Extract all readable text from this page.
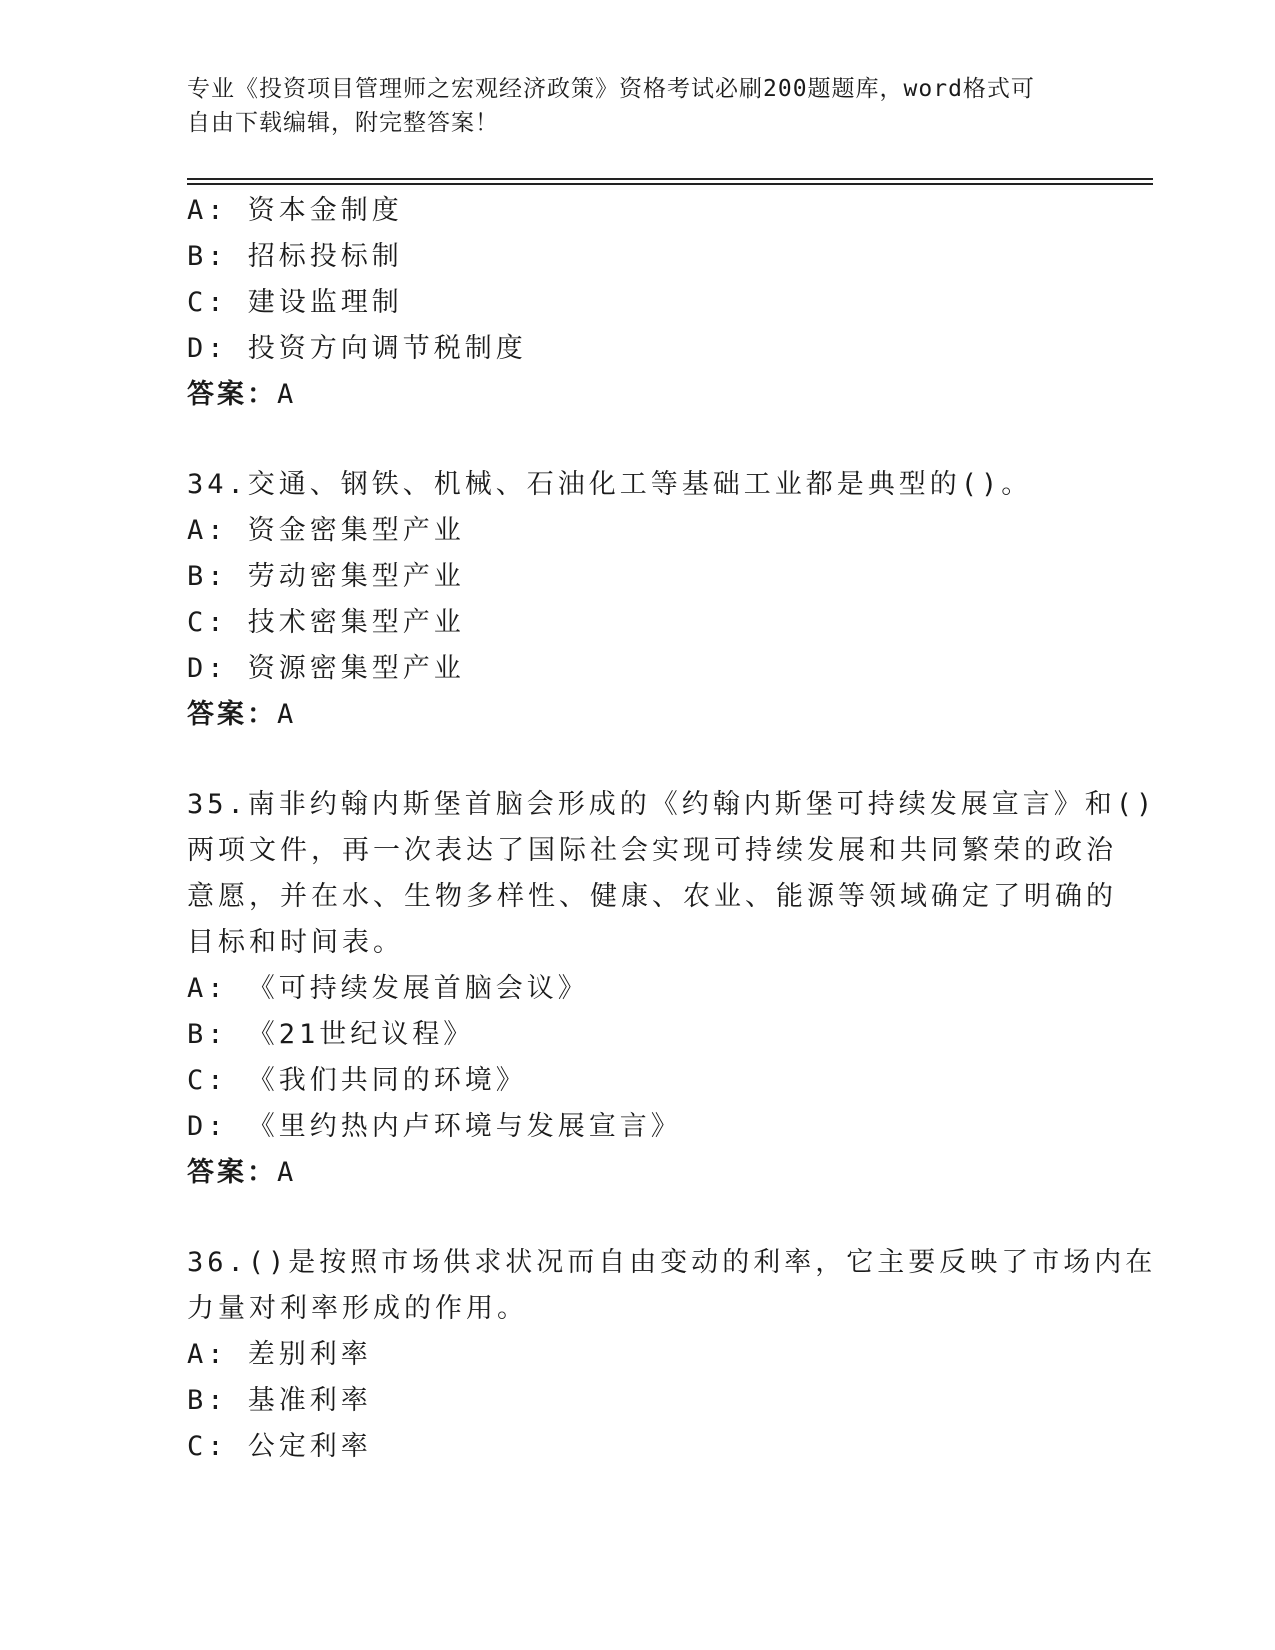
专业《投资项目管理师之宏观经济政策》资格考试必刷200题题库，word格式可
自由下载编辑，附完整答案！
A: 资本金制度
B: 招标投标制
C: 建设监理制
D: 投资方向调节税制度
答案：A
34.交通、钢铁、机械、石油化工等基础工业都是典型的()。
A: 资金密集型产业
B: 劳动密集型产业
C: 技术密集型产业
D: 资源密集型产业
答案：A
35.南非约翰内斯堡首脑会形成的《约翰内斯堡可持续发展宣言》和()
两项文件，再一次表达了国际社会实现可持续发展和共同繁荣的政治
意愿，并在水、生物多样性、健康、农业、能源等领域确定了明确的
目标和时间表。
A: 《可持续发展首脑会议》
B: 《21世纪议程》
C: 《我们共同的环境》
D: 《里约热内卢环境与发展宣言》
答案：A
36.()是按照市场供求状况而自由变动的利率，它主要反映了市场内在
力量对利率形成的作用。
A: 差别利率
B: 基准利率
C: 公定利率
